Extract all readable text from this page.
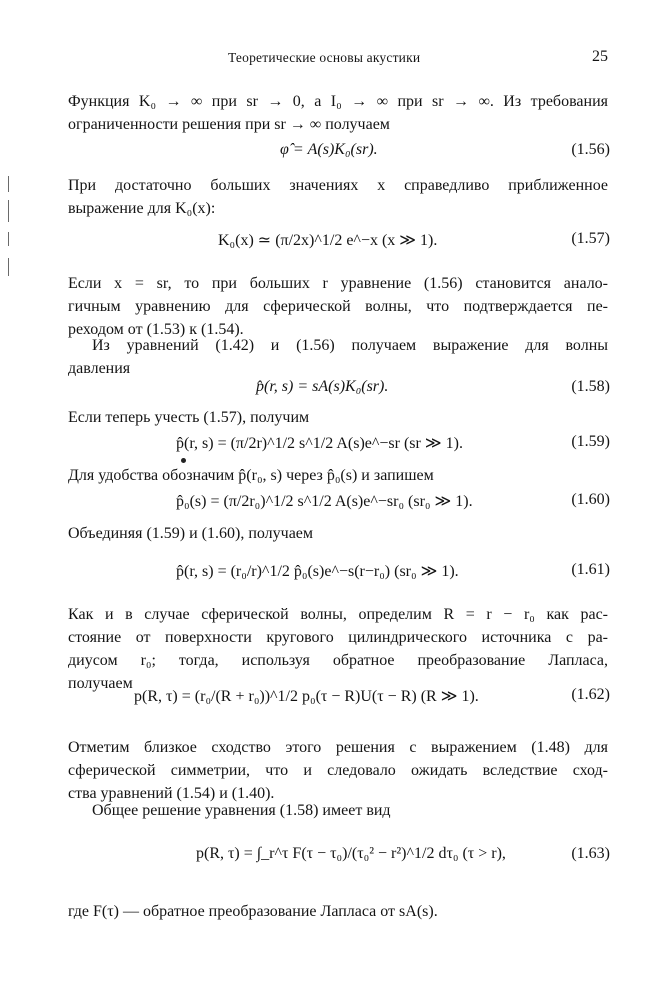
Теоретические основы акустики	25
Функция K₀ → ∞ при sr → 0, а I₀ → ∞ при sr → ∞. Из требования
ограниченности решения при sr → ∞ получаем
φ̂ = A(s)K₀(sr).	(1.56)
При достаточно больших значениях x справедливо приближенное
выражение для K₀(x):
K₀(x) ≃ (π/2x)^1/2 e^−x (x ≫ 1).	(1.57)
Если x = sr, то при больших r уравнение (1.56) становится анало-
гичным уравнению для сферической волны, что подтверждается пе-
реходом от (1.53) к (1.54).
Из уравнений (1.42) и (1.56) получаем выражение для волны
давления
p̂(r, s) = sA(s)K₀(sr).	(1.58)
Если теперь учесть (1.57), получим
p̂(r, s) = (π/2r)^1/2 s^1/2 A(s)e^−sr (sr ≫ 1).	(1.59)
Для удобства обозначим p̂(r₀, s) через p̂₀(s) и запишем
p̂₀(s) = (π/2r₀)^1/2 s^1/2 A(s)e^−sr₀ (sr₀ ≫ 1).	(1.60)
Объединяя (1.59) и (1.60), получаем
p̂(r, s) = (r₀/r)^1/2 p̂₀(s)e^−s(r−r₀) (sr₀ ≫ 1).	(1.61)
Как и в случае сферической волны, определим R = r − r₀ как рас-
стояние от поверхности кругового цилиндрического источника с ра-
диусом r₀; тогда, используя обратное преобразование Лапласа,
получаем
p(R, τ) = (r₀/(R + r₀))^1/2 p₀(τ − R)U(τ − R) (R ≫ 1).	(1.62)
Отметим близкое сходство этого решения с выражением (1.48) для
сферической симметрии, что и следовало ожидать вследствие сход-
ства уравнений (1.54) и (1.40).
Общее решение уравнения (1.58) имеет вид
p(R, τ) = ∫_r^τ F(τ − τ₀)/(τ₀² − r²)^1/2 dτ₀ (τ > r),	(1.63)
где F(τ) — обратное преобразование Лапласа от sA(s).
